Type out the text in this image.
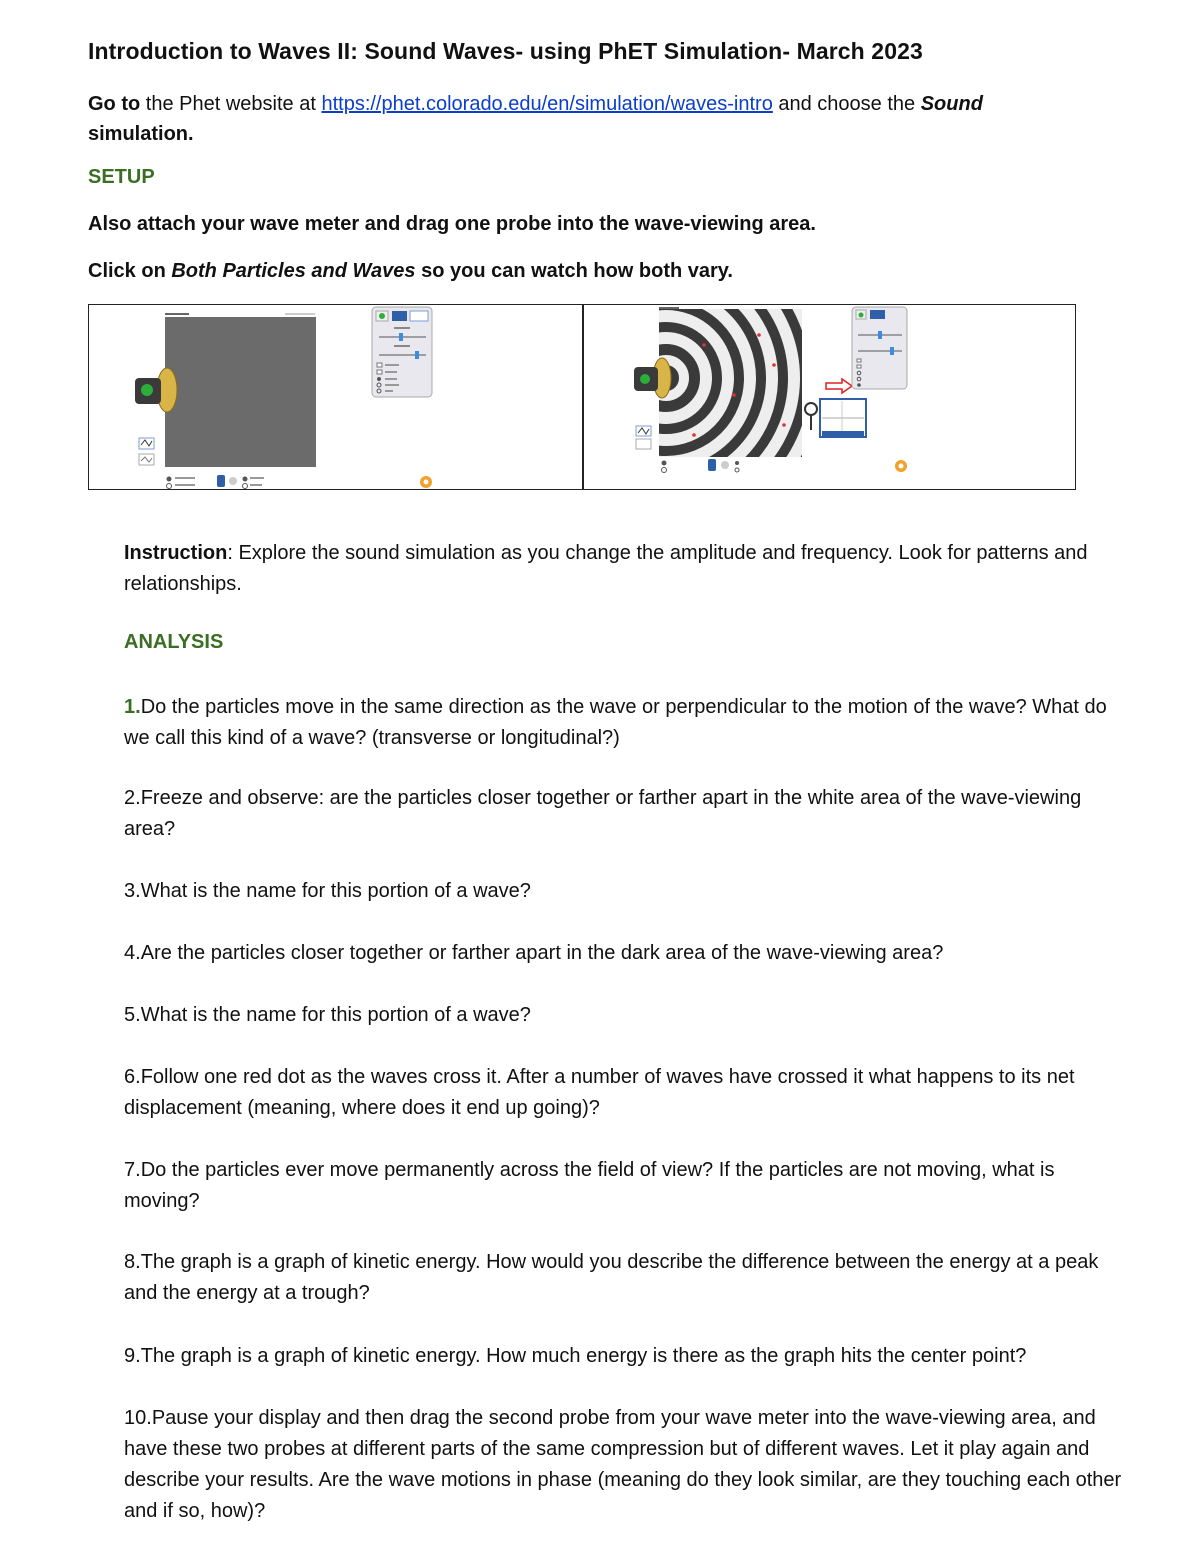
Introduction to Waves II: Sound Waves- using PhET Simulation- March 2023
Go to the Phet website at https://phet.colorado.edu/en/simulation/waves-intro and choose the Sound
simulation.
SETUP
Also attach your wave meter and drag one probe into the wave-viewing area.
Click on Both Particles and Waves so you can watch how both vary.
Instruction: Explore the sound simulation as you change the amplitude and frequency. Look for patterns and relationships.
ANALYSIS
1.Do the particles move in the same direction as the wave or perpendicular to the motion of the wave? What do we call this kind of a wave? (transverse or longitudinal?)
2.Freeze and observe: are the particles closer together or farther apart in the white area of the wave-viewing area?
3.What is the name for this portion of a wave?
4.Are the particles closer together or farther apart in the dark area of the wave-viewing area?
5.What is the name for this portion of a wave?
6.Follow one red dot as the waves cross it. After a number of waves have crossed it what happens to its net displacement (meaning, where does it end up going)?
7.Do the particles ever move permanently across the field of view? If the particles are not moving, what is moving?
8.The graph is a graph of kinetic energy. How would you describe the difference between the energy at a peak and the energy at a trough?
9.The graph is a graph of kinetic energy. How much energy is there as the graph hits the center point?
10.Pause your display and then drag the second probe from your wave meter into the wave-viewing area, and have these two probes at different parts of the same compression but of different waves. Let it play again and describe your results. Are the wave motions in phase (meaning do they look similar, are they touching each other and if so, how)?
